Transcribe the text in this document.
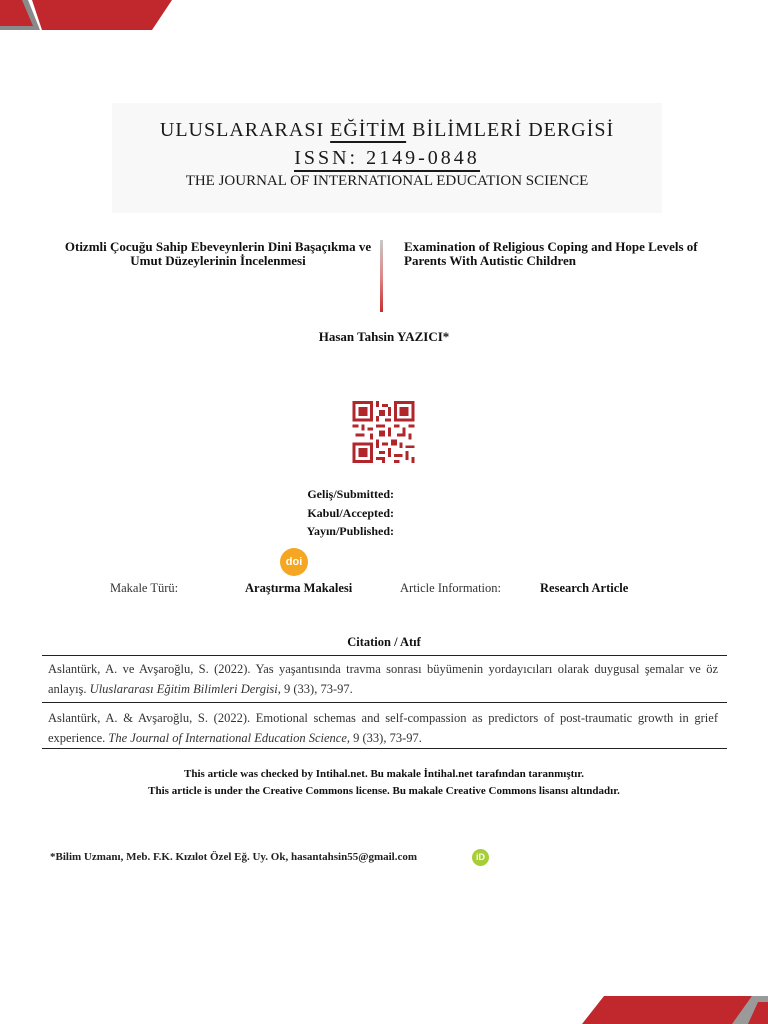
ULUSLARARASI EĞİTİM BİLİMLERİ DERGİSİ
ISSN: 2149-0848
THE JOURNAL OF INTERNATIONAL EDUCATION SCIENCE
Otizmli Çocuğu Sahip Ebeveynlerin Dini Başaçıkma ve Umut Düzeylerinin İncelenmesi
Examination of Religious Coping and Hope Levels of Parents With Autistic Children
Hasan Tahsin YAZICI*
Geliş/Submitted:
Kabul/Accepted:
Yayın/Published:
doi
Makale Türü:	Araştırma Makalesi	Article Information:	Research Article
Citation / Atıf
Aslantürk, A. ve Avşaroğlu, S. (2022). Yas yaşantısında travma sonrası büyümenin yordayıcıları olarak duygusal şemalar ve öz anlayış. Uluslararası Eğitim Bilimleri Dergisi, 9 (33), 73-97.
Aslantürk, A. & Avşaroğlu, S. (2022). Emotional schemas and self-compassion as predictors of post-traumatic growth in grief experience. The Journal of International Education Science, 9 (33), 73-97.
This article was checked by Intihal.net. Bu makale İntihal.net tarafından taranmıştır.
This article is under the Creative Commons license. Bu makale Creative Commons lisansı altındadır.
*Bilim Uzmanı, Meb. F.K. Kızılot Özel Eğ. Uy. Ok, hasantahsin55@gmail.com	iD
